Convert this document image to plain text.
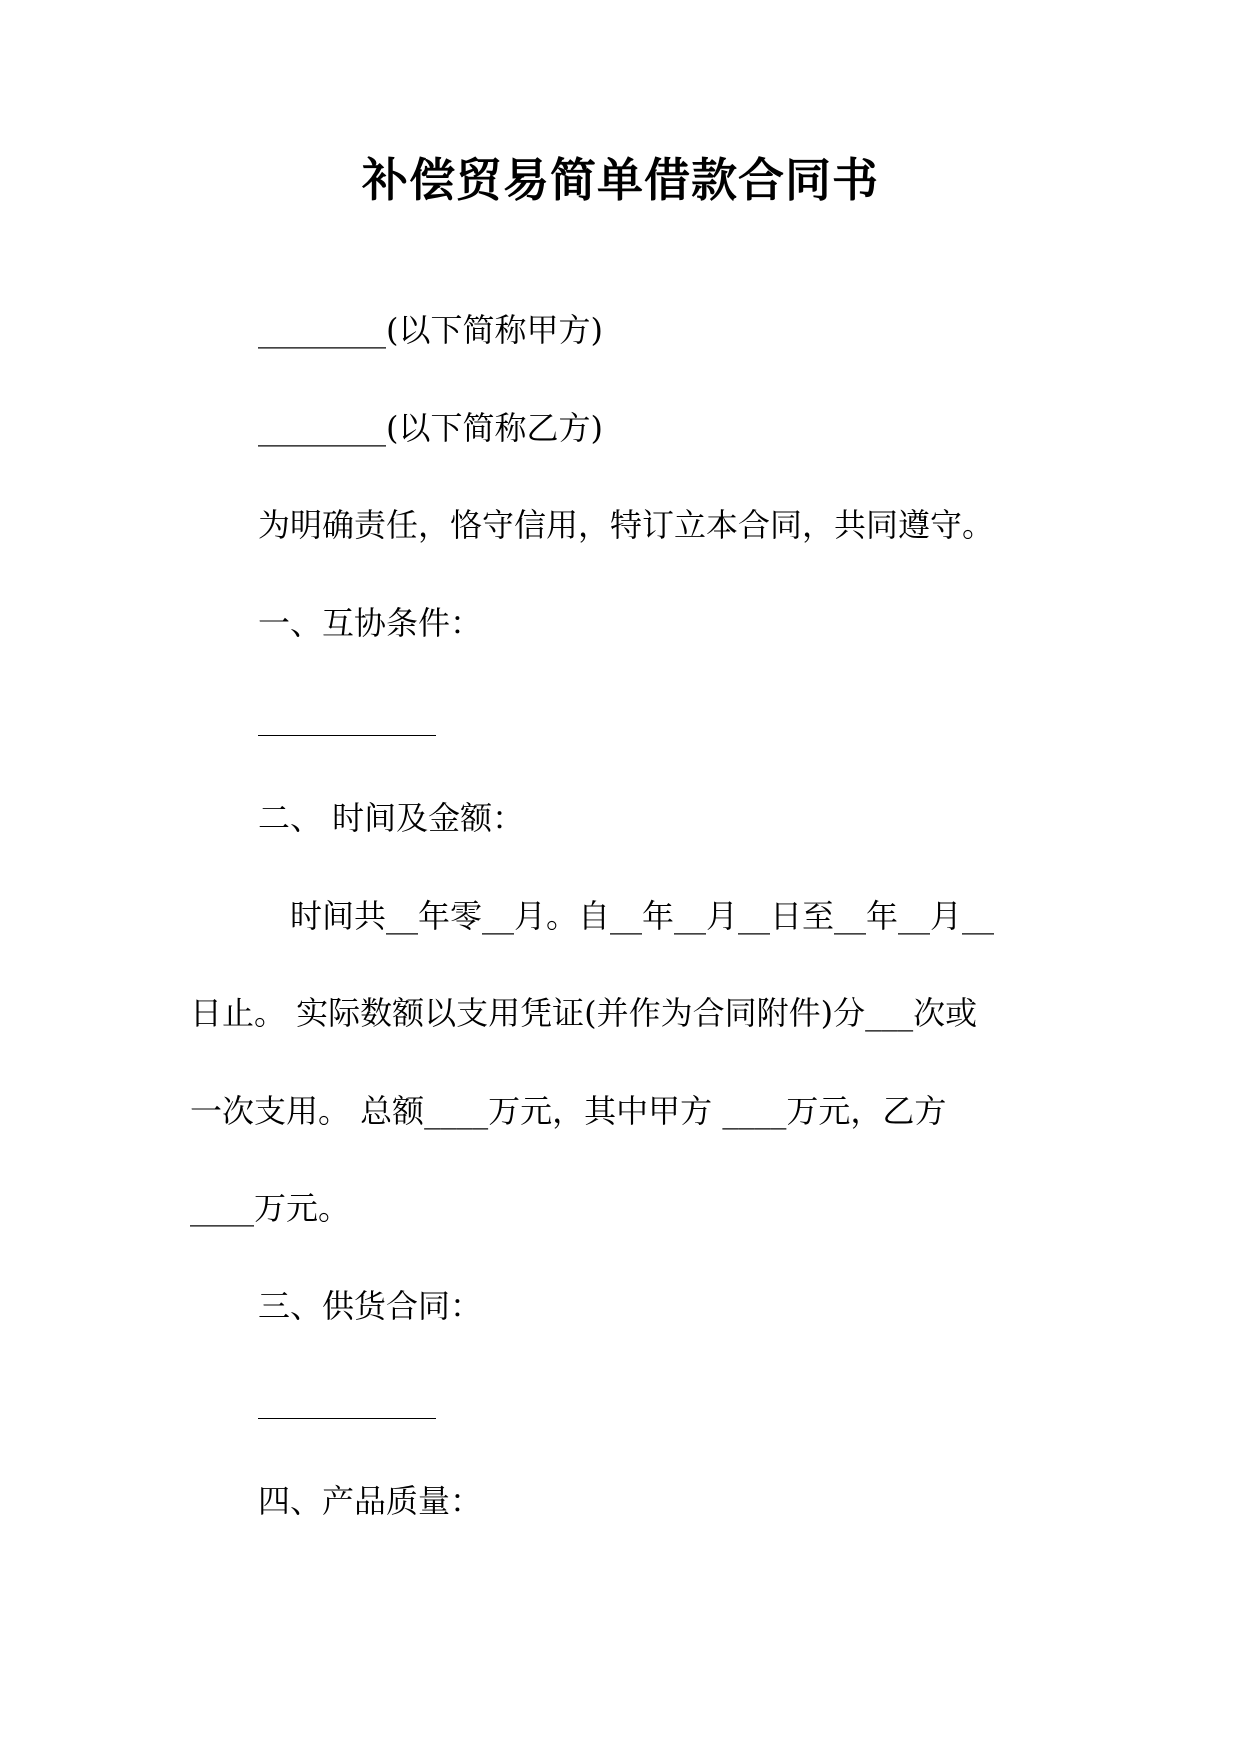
补偿贸易简单借款合同书
________(以下简称甲方)
________(以下简称乙方)
为明确责任，恪守信用，特订立本合同，共同遵守。
一、互协条件：
二、 时间及金额：
时间共__年零__月。自__年__月__日至__年__月__
日止。 实际数额以支用凭证(并作为合同附件)分___次或
一次支用。 总额____万元，其中甲方 ____万元，乙方
____万元。
三、供货合同：
四、产品质量：
